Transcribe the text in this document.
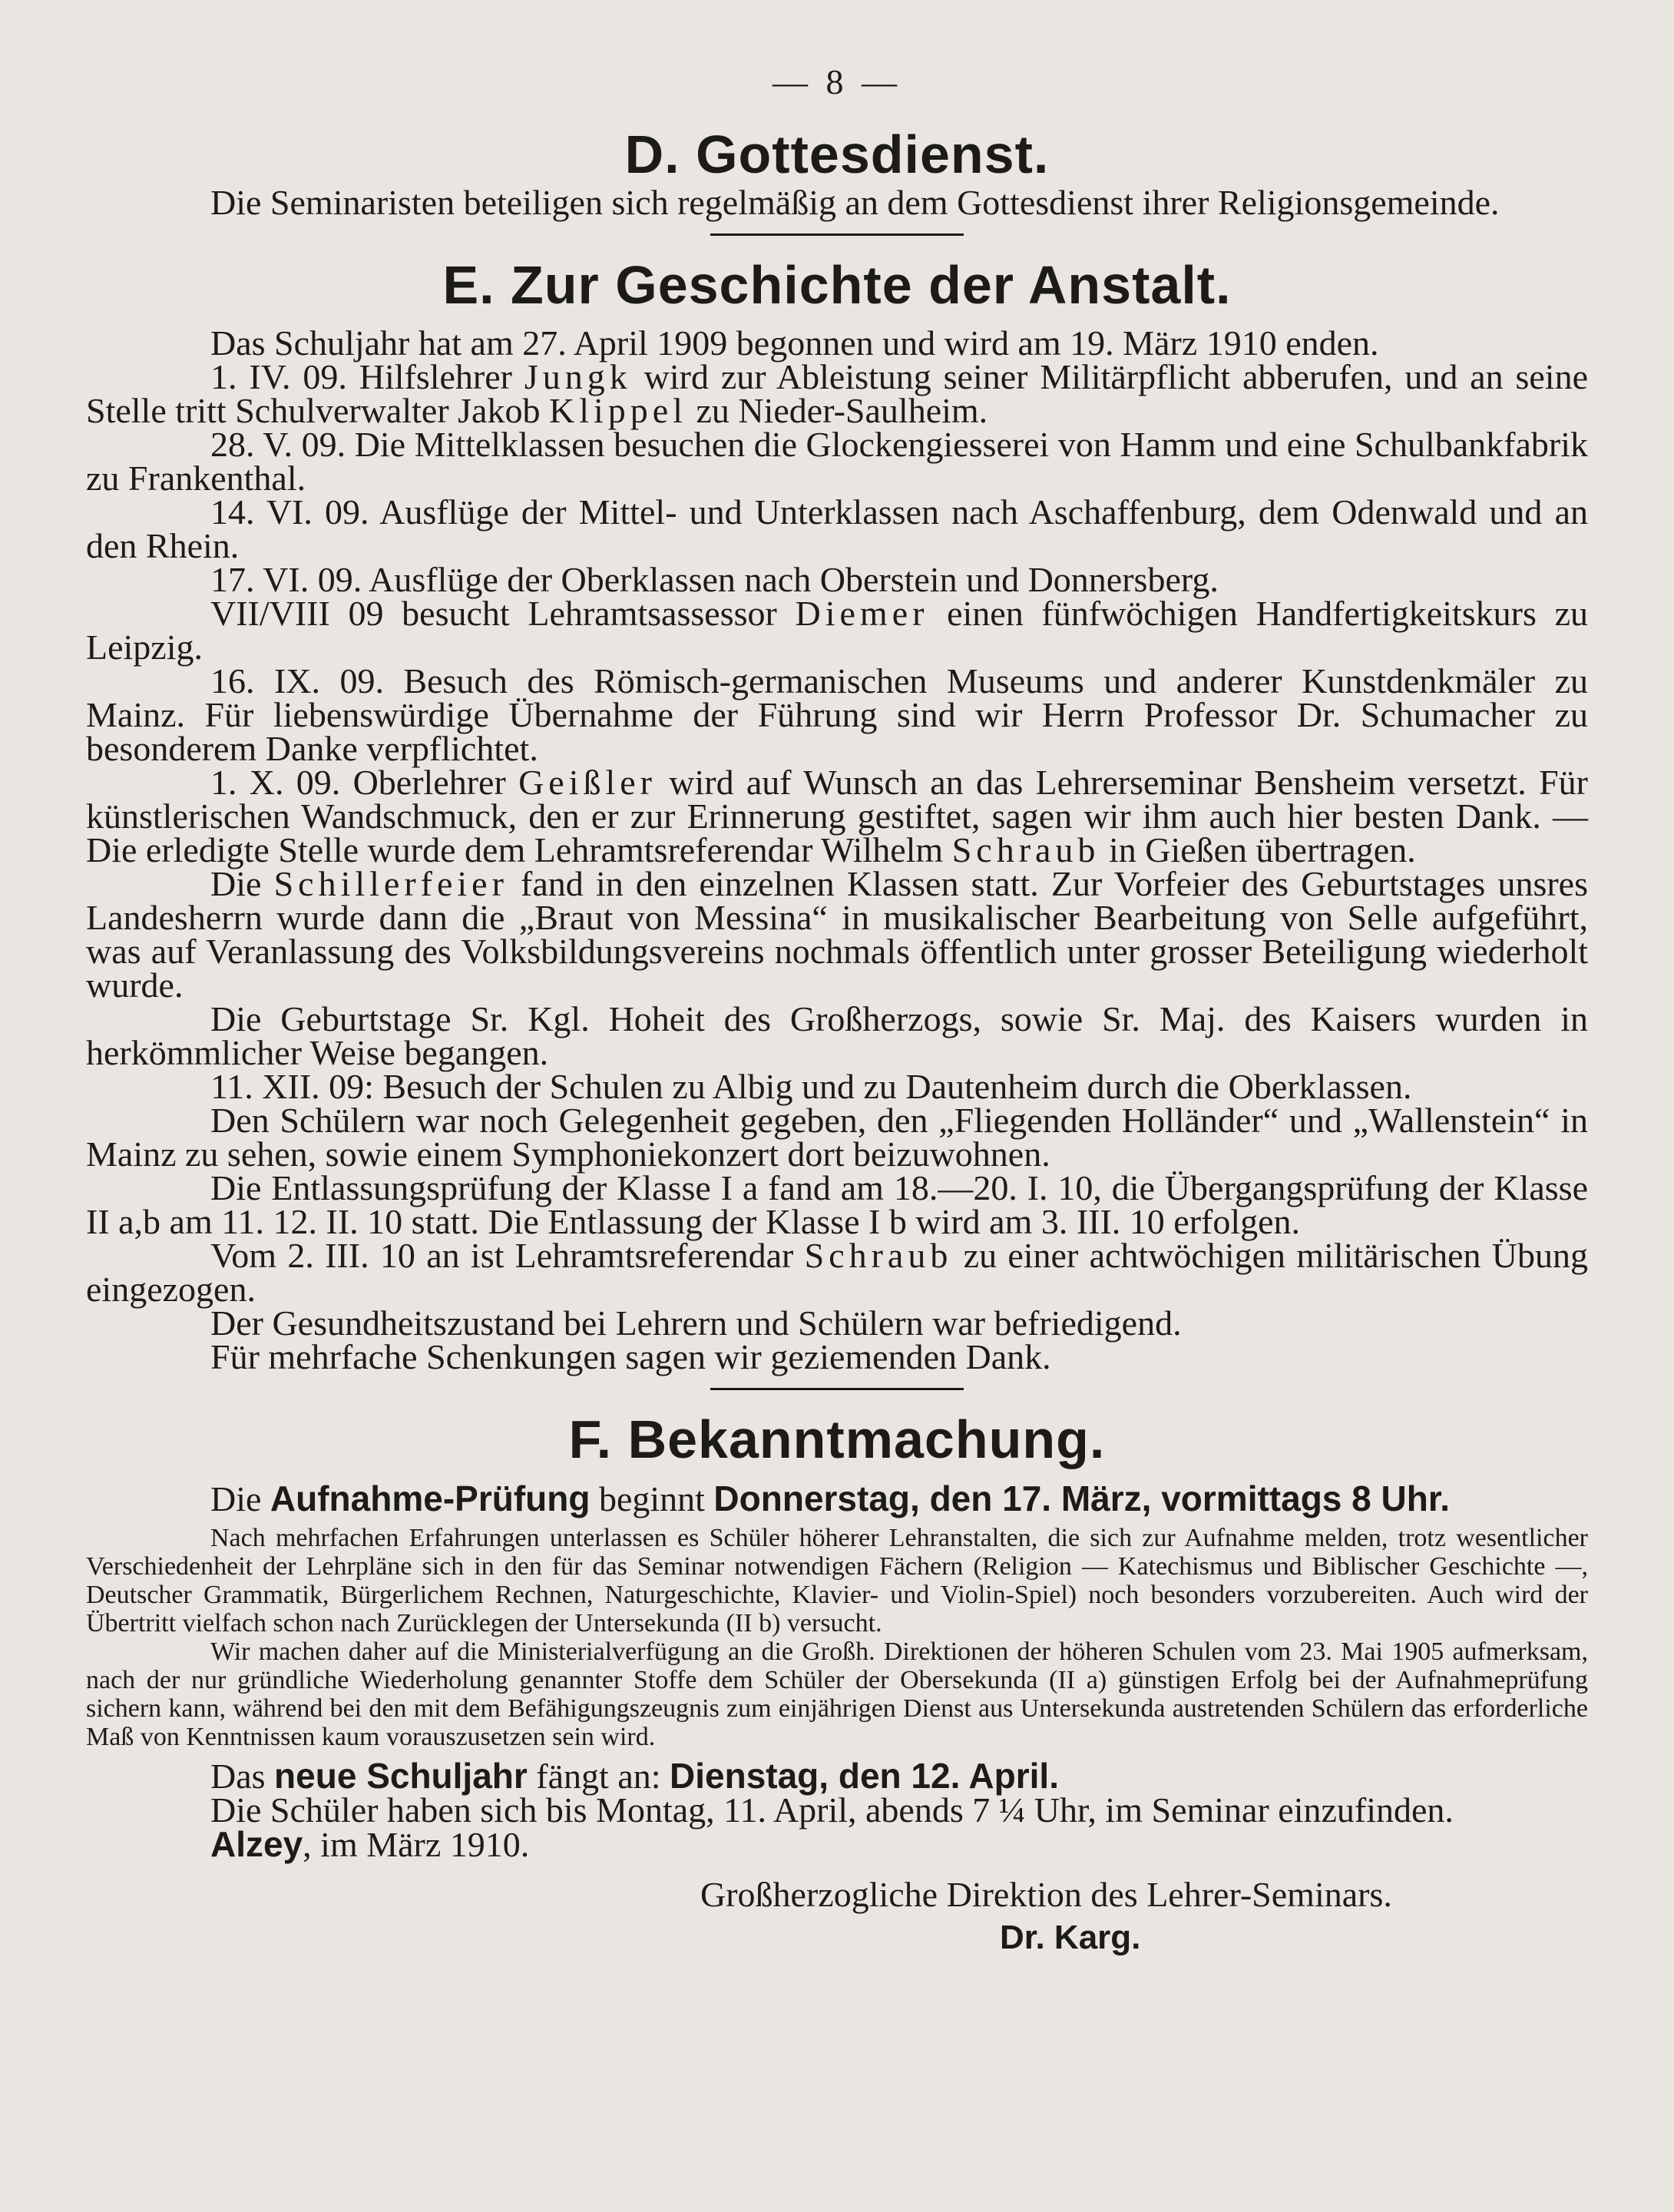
— 8 —
D. Gottesdienst.

Die Seminaristen beteiligen sich regelmäßig an dem Gottesdienst ihrer Religionsgemeinde.

E. Zur Geschichte der Anstalt.

Das Schuljahr hat am 27. April 1909 begonnen und wird am 19. März 1910 enden.

1. IV. 09. Hilfslehrer Jungk wird zur Ableistung seiner Militärpflicht abberufen, und an seine Stelle tritt Schulverwalter Jakob Klippel zu Nieder-Saulheim.

28. V. 09. Die Mittelklassen besuchen die Glockengiesserei von Hamm und eine Schulbankfabrik zu Frankenthal.

14. VI. 09. Ausflüge der Mittel- und Unterklassen nach Aschaffenburg, dem Odenwald und an den Rhein.

17. VI. 09. Ausflüge der Oberklassen nach Oberstein und Donnersberg.

VII/VIII 09 besucht Lehramtsassessor Diemer einen fünfwöchigen Handfertigkeitskurs zu Leipzig.

16. IX. 09. Besuch des Römisch-germanischen Museums und anderer Kunstdenkmäler zu Mainz. Für liebenswürdige Übernahme der Führung sind wir Herrn Professor Dr. Schumacher zu besonderem Danke verpflichtet.

1. X. 09. Oberlehrer Geißler wird auf Wunsch an das Lehrerseminar Bensheim versetzt. Für künstlerischen Wandschmuck, den er zur Erinnerung gestiftet, sagen wir ihm auch hier besten Dank. — Die erledigte Stelle wurde dem Lehramtsreferendar Wilhelm Schraub in Gießen übertragen.

Die Schillerfeier fand in den einzelnen Klassen statt. Zur Vorfeier des Geburtstages unsres Landesherrn wurde dann die „Braut von Messina“ in musikalischer Bearbeitung von Selle aufgeführt, was auf Veranlassung des Volksbildungsvereins nochmals öffentlich unter grosser Beteiligung wiederholt wurde.

Die Geburtstage Sr. Kgl. Hoheit des Großherzogs, sowie Sr. Maj. des Kaisers wurden in herkömmlicher Weise begangen.

11. XII. 09: Besuch der Schulen zu Albig und zu Dautenheim durch die Oberklassen.

Den Schülern war noch Gelegenheit gegeben, den „Fliegenden Holländer“ und „Wallenstein“ in Mainz zu sehen, sowie einem Symphoniekonzert dort beizuwohnen.

Die Entlassungsprüfung der Klasse I a fand am 18.—20. I. 10, die Übergangsprüfung der Klasse II a,b am 11. 12. II. 10 statt. Die Entlassung der Klasse I b wird am 3. III. 10 erfolgen.

Vom 2. III. 10 an ist Lehramtsreferendar Schraub zu einer achtwöchigen militärischen Übung eingezogen.

Der Gesundheitszustand bei Lehrern und Schülern war befriedigend.

Für mehrfache Schenkungen sagen wir geziemenden Dank.

F. Bekanntmachung.

Die Aufnahme-Prüfung beginnt Donnerstag, den 17. März, vormittags 8 Uhr.

Nach mehrfachen Erfahrungen unterlassen es Schüler höherer Lehranstalten, die sich zur Aufnahme melden, trotz wesentlicher Verschiedenheit der Lehrpläne sich in den für das Seminar notwendigen Fächern (Religion — Katechismus und Biblischer Geschichte —, Deutscher Grammatik, Bürgerlichem Rechnen, Naturgeschichte, Klavier- und Violin-Spiel) noch besonders vorzubereiten. Auch wird der Übertritt vielfach schon nach Zurücklegen der Untersekunda (II b) versucht.

Wir machen daher auf die Ministerialverfügung an die Großh. Direktionen der höheren Schulen vom 23. Mai 1905 aufmerksam, nach der nur gründliche Wiederholung genannter Stoffe dem Schüler der Obersekunda (II a) günstigen Erfolg bei der Aufnahmeprüfung sichern kann, während bei den mit dem Befähigungszeugnis zum einjährigen Dienst aus Untersekunda austretenden Schülern das erforderliche Maß von Kenntnissen kaum vorauszusetzen sein wird.

Das neue Schuljahr fängt an: Dienstag, den 12. April.

Die Schüler haben sich bis Montag, 11. April, abends 7 ¼ Uhr, im Seminar einzufinden.

Alzey, im März 1910.

Großherzogliche Direktion des Lehrer-Seminars.

Dr. Karg.
